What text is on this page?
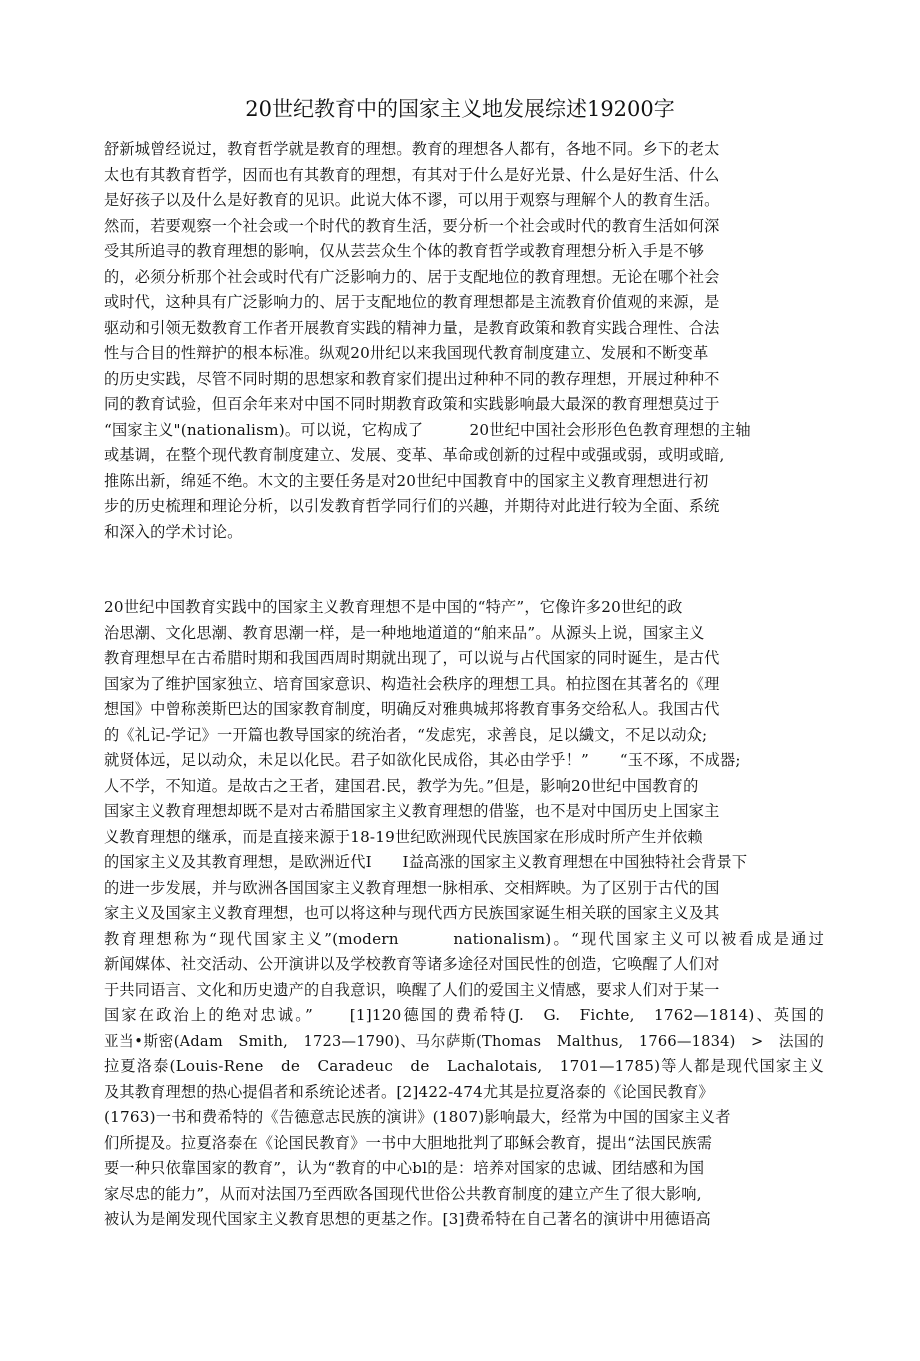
20世纪教育中的国家主义地发展综述19200字
舒新城曾经说过，教育哲学就是教育的理想。教育的理想各人都有，各地不同。乡下的老太
太也有其教育哲学，因而也有其教育的理想，有其对于什么是好光景、什么是好生活、什么
是好孩子以及什么是好教育的见识。此说大体不谬，可以用于观察与理解个人的教育生活。
然而，若要观察一个社会或一个时代的教育生活，要分析一个社会或时代的教育生活如何深
受其所追寻的教育理想的影响，仅从芸芸众生个体的教育哲学或教育理想分析入手是不够
的，必须分析那个社会或时代有广泛影响力的、居于支配地位的教育理想。无论在哪个社会
或时代，这种具有广泛影响力的、居于支配地位的教育理想都是主流教育价值观的来源，是
驱动和引领无数教育工作者开展教育实践的精神力量，是教育政策和教育实践合理性、合法
性与合目的性辩护的根本标准。纵观20卅纪以来我国现代教育制度建立、发展和不断变革
的历史实践，尽管不同时期的思想家和教育家们提出过种种不同的教存理想，开展过种种不
同的教育试验，但百余年来对中国不同时期教育政策和实践影响最大最深的教育理想莫过于
“国家主义"(nationalism)。可以说，它构成了　　　20世纪中国社会形形色色教育理想的主轴
或基调，在整个现代教育制度建立、发展、变革、革命或创新的过程中或强或弱，或明或暗,
推陈出新，绵延不绝。木文的主要任务是对20世纪中国教育中的国家主义教育理想进行初
步的历史梳理和理论分析，以引发教育哲学同行们的兴趣，并期待对此进行较为全面、系统
和深入的学术讨论。
20世纪中国教育实践中的国家主义教育理想不是中国的“特产”，它像许多20世纪的政
治思潮、文化思潮、教育思潮一样，是一种地地道道的“舶来品”。从源头上说，国家主义
教育理想早在古希腊时期和我国西周时期就出现了，可以说与占代国家的同时诞生，是古代
国家为了维护国家独立、培育国家意识、构造社会秩序的理想工具。柏拉图在其著名的《理
想国》中曾称羡斯巴达的国家教育制度，明确反对雅典城邦将教育事务交给私人。我国古代
的《礼记-学记》一开篇也教导国家的统治者，“发虑宪，求善良，足以繊文，不足以动众;
就贤体远，足以动众，未足以化民。君子如欲化民成俗，其必由学乎！”　　“玉不琢，不成器;
人不学，不知道。是故古之王者，建国君.民，教学为先。”但是，影响20世纪中国教育的
国家主义教育理想却既不是对古希腊国家主义教育理想的借鉴，也不是对中国历史上国家主
义教育理想的继承，而是直接来源于18-19世纪欧洲现代民族国家在形成时所产生并依赖
的国家主义及其教育理想，是欧洲近代I　　I益高涨的国家主义教育理想在中国独特社会背景下
的进一步发展，并与欧洲各国国家主义教育理想一脉相承、交相辉映。为了区别于古代的国
家主义及国家主义教育理想，也可以将这种与现代西方民族国家诞生相关联的国家主义及其
教育理想称为“现代国家主义”(modern　　　nationalism)。“现代国家主义可以被看成是通过
新闻媒体、社交活动、公开演讲以及学校教育等诸多途径对国民性的创造，它唤醒了人们对
于共同语言、文化和历史遗产的自我意识，唤醒了人们的爱国主义情感，要求人们对于某一
国家在政治上的绝对忠诚。”　　[1]120德国的费希特(J.　G.　Fichte,　1762—1814)、英国的
亚当•斯密(Adam　Smith,　1723—1790)、马尔萨斯(Thomas　Malthus,　1766—1834)　>　法国的
拉夏洛泰(Louis-Rene　de　Caradeuc　de　Lachalotais,　1701—1785)等人都是现代国家主义
及其教育理想的热心提倡者和系统论述者。[2]422-474尤其是拉夏洛泰的《论国民教育》
(1763)一书和费希特的《告德意志民族的演讲》(1807)影响最大，经常为中国的国家主义者
们所提及。拉夏洛泰在《论国民教育》一书中大胆地批判了耶稣会教育，提出“法国民族需
要一种只依靠国家的教育”，认为“教育的中心bl的是：培养对国家的忠诚、团结感和为国
家尽忠的能力”，从而对法国乃至西欧各国现代世俗公共教育制度的建立产生了很大影响,
被认为是阐发现代国家主义教育思想的更基之作。[3]费希特在自己著名的演讲中用德语高
